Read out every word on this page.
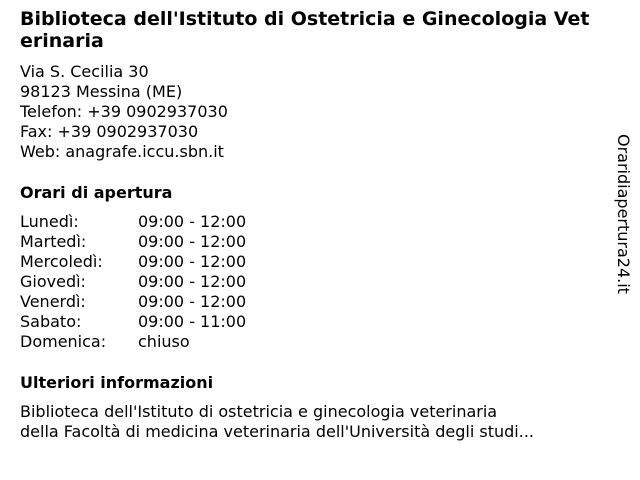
Biblioteca dell'Istituto di Ostetricia e Ginecologia Veterinaria
Via S. Cecilia 30
98123 Messina (ME)
Telefon: +39 0902937030
Fax: +39 0902937030
Web: anagrafe.iccu.sbn.it
Orari di apertura
Lunedì:	09:00 - 12:00
Martedì:	09:00 - 12:00
Mercoledì:	09:00 - 12:00
Giovedì:	09:00 - 12:00
Venerdì:	09:00 - 12:00
Sabato:	09:00 - 11:00
Domenica:	chiuso
Ulteriori informazioni
Biblioteca dell'Istituto di ostetricia e ginecologia veterinaria
della Facoltà di medicina veterinaria dell'Università degli studi...
Oraridiapertura24.it
